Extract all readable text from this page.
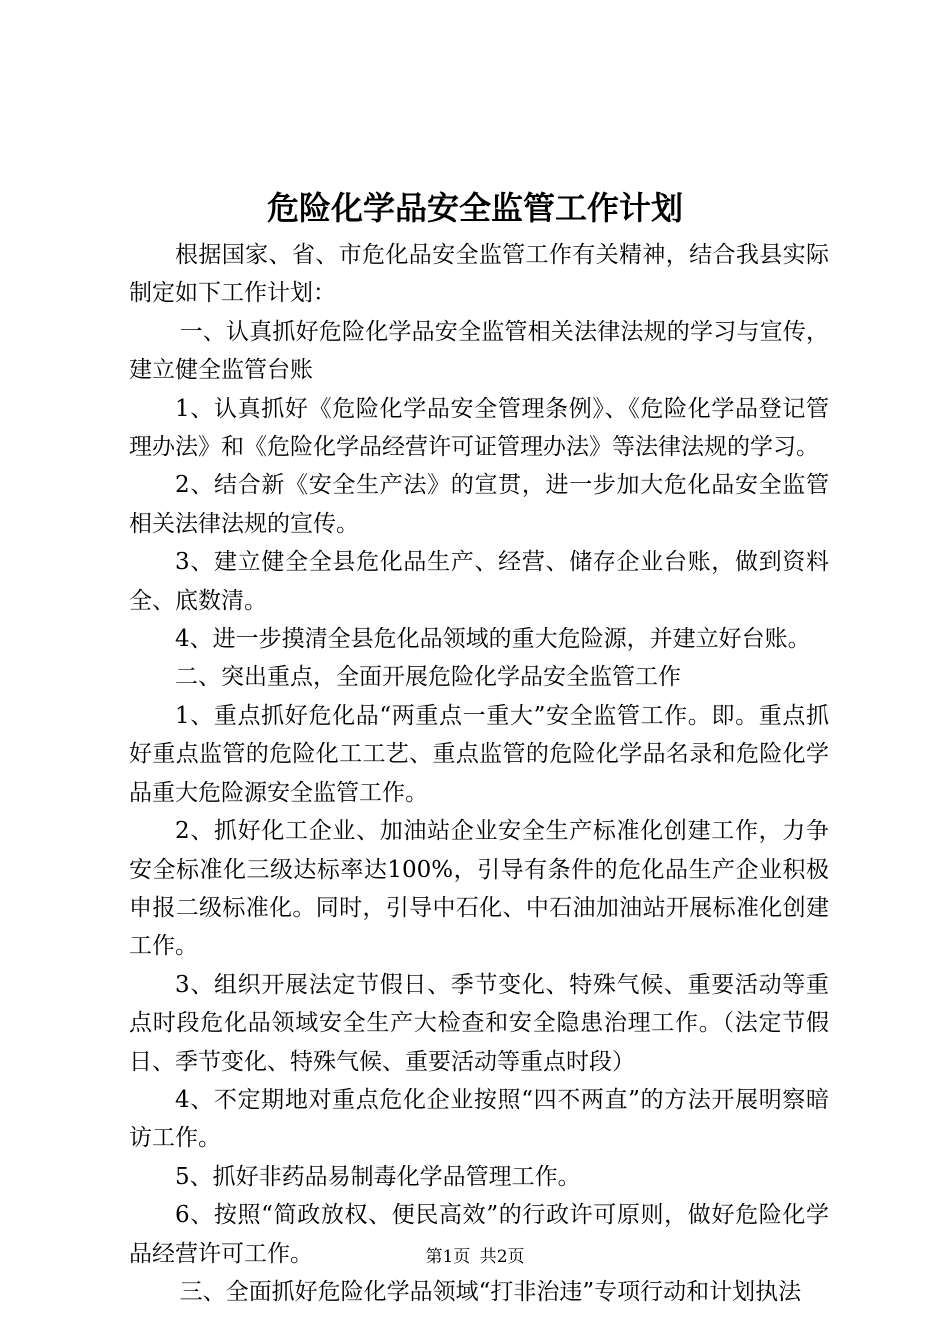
危险化学品安全监管工作计划

根据国家、省、市危化品安全监管工作有关精神，结合我县实际制定如下工作计划：

一、认真抓好危险化学品安全监管相关法律法规的学习与宣传，建立健全监管台账

1、认真抓好《危险化学品安全管理条例》、《危险化学品登记管理办法》和《危险化学品经营许可证管理办法》等法律法规的学习。

2、结合新《安全生产法》的宣贯，进一步加大危化品安全监管相关法律法规的宣传。

3、建立健全全县危化品生产、经营、储存企业台账，做到资料全、底数清。

4、进一步摸清全县危化品领域的重大危险源，并建立好台账。

二、突出重点，全面开展危险化学品安全监管工作

1、重点抓好危化品“两重点一重大”安全监管工作。即。重点抓好重点监管的危险化工工艺、重点监管的危险化学品名录和危险化学品重大危险源安全监管工作。

2、抓好化工企业、加油站企业安全生产标准化创建工作，力争安全标准化三级达标率达100%，引导有条件的危化品生产企业积极申报二级标准化。同时，引导中石化、中石油加油站开展标准化创建工作。

3、组织开展法定节假日、季节变化、特殊气候、重要活动等重点时段危化品领域安全生产大检查和安全隐患治理工作。（法定节假日、季节变化、特殊气候、重要活动等重点时段）

4、不定期地对重点危化企业按照“四不两直”的方法开展明察暗访工作。

5、抓好非药品易制毒化学品管理工作。

6、按照“简政放权、便民高效”的行政许可原则，做好危险化学品经营许可工作。

三、全面抓好危险化学品领域“打非治违”专项行动和计划执法

第1页 共2页
